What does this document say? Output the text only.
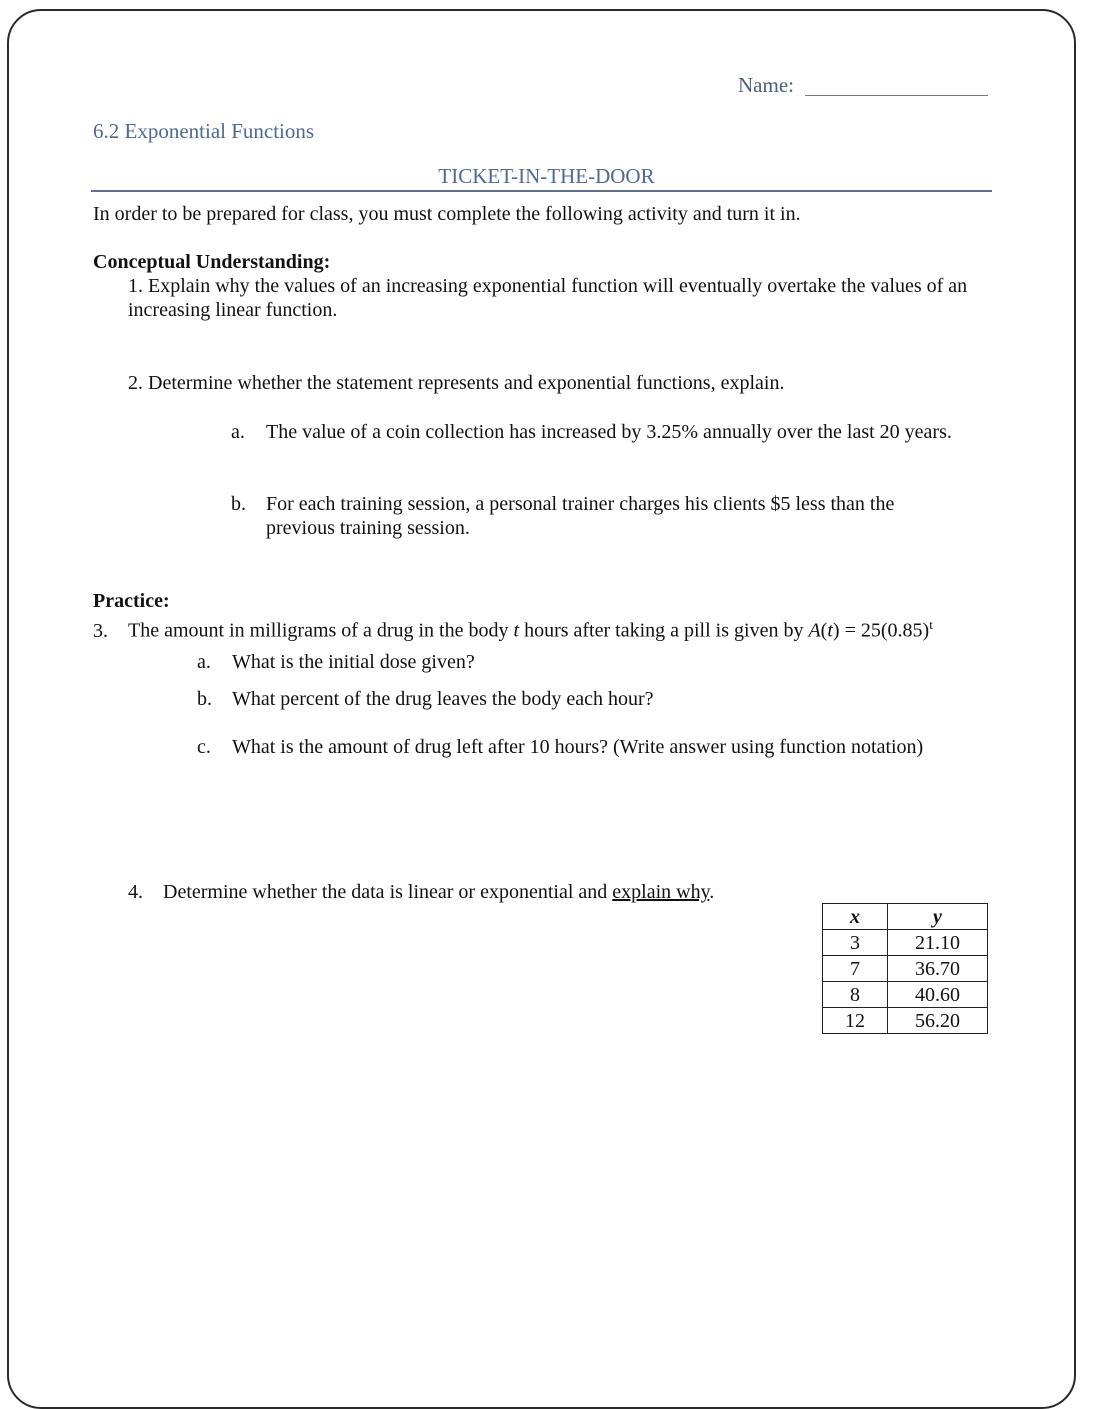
Name:
6.2 Exponential Functions
TICKET-IN-THE-DOOR
In order to be prepared for class, you must complete the following activity and turn it in.
Conceptual Understanding:
1. Explain why the values of an increasing exponential function will eventually overtake the values of an increasing linear function.
2. Determine whether the statement represents and exponential functions, explain.
a. The value of a coin collection has increased by 3.25% annually over the last 20 years.
b. For each training session, a personal trainer charges his clients $5 less than the
previous training session.
Practice:
3. The amount in milligrams of a drug in the body t hours after taking a pill is given by $A(t) = 25(0.85)^t$
a. What is the initial dose given?
b. What percent of the drug leaves the body each hour?
c. What is the amount of drug left after 10 hours? (Write answer using function notation)
4. Determine whether the data is linear or exponential and explain why.
x	y
3	21.10
7	36.70
8	40.60
12	56.20
